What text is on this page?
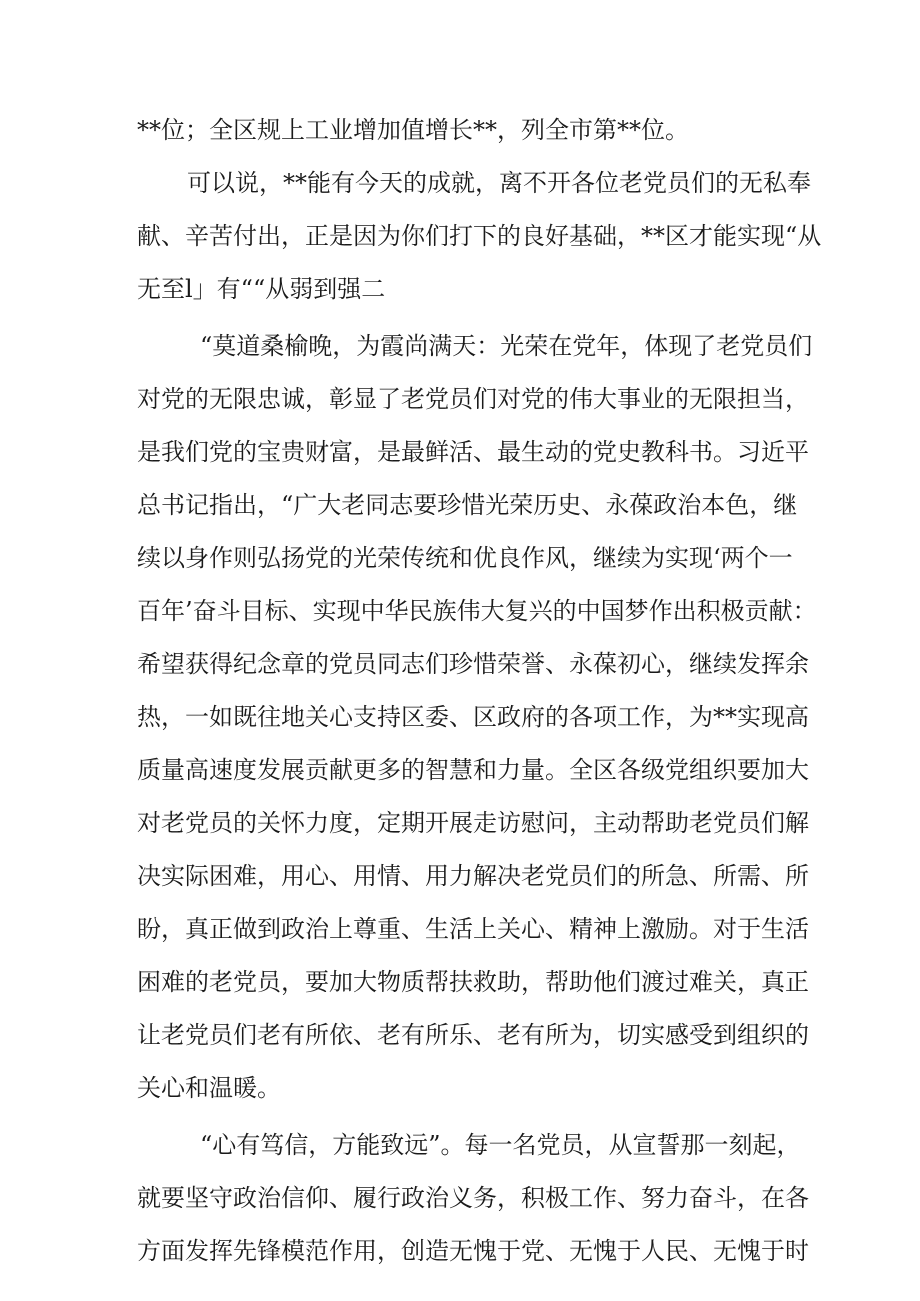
**位；全区规上工业增加值增长**，列全市第**位。
可以说，**能有今天的成就，离不开各位老党员们的无私奉
献、辛苦付出，正是因为你们打下的良好基础，**区才能实现“从
无至l」有““从弱到强二
“莫道桑榆晚，为霞尚满天：光荣在党年，体现了老党员们
对党的无限忠诚，彰显了老党员们对党的伟大事业的无限担当，
是我们党的宝贵财富，是最鲜活、最生动的党史教科书。习近平
总书记指出，“广大老同志要珍惜光荣历史、永葆政治本色，继
续以身作则弘扬党的光荣传统和优良作风，继续为实现‘两个一
百年’奋斗目标、实现中华民族伟大复兴的中国梦作出积极贡献：
希望获得纪念章的党员同志们珍惜荣誉、永葆初心，继续发挥余
热，一如既往地关心支持区委、区政府的各项工作，为**实现高
质量高速度发展贡献更多的智慧和力量。全区各级党组织要加大
对老党员的关怀力度，定期开展走访慰问，主动帮助老党员们解
决实际困难，用心、用情、用力解决老党员们的所急、所需、所
盼，真正做到政治上尊重、生活上关心、精神上激励。对于生活
困难的老党员，要加大物质帮扶救助，帮助他们渡过难关，真正
让老党员们老有所依、老有所乐、老有所为，切实感受到组织的
关心和温暖。
“心有笃信，方能致远”。每一名党员，从宣誓那一刻起，
就要坚守政治信仰、履行政治义务，积极工作、努力奋斗，在各
方面发挥先锋模范作用，创造无愧于党、无愧于人民、无愧于时
